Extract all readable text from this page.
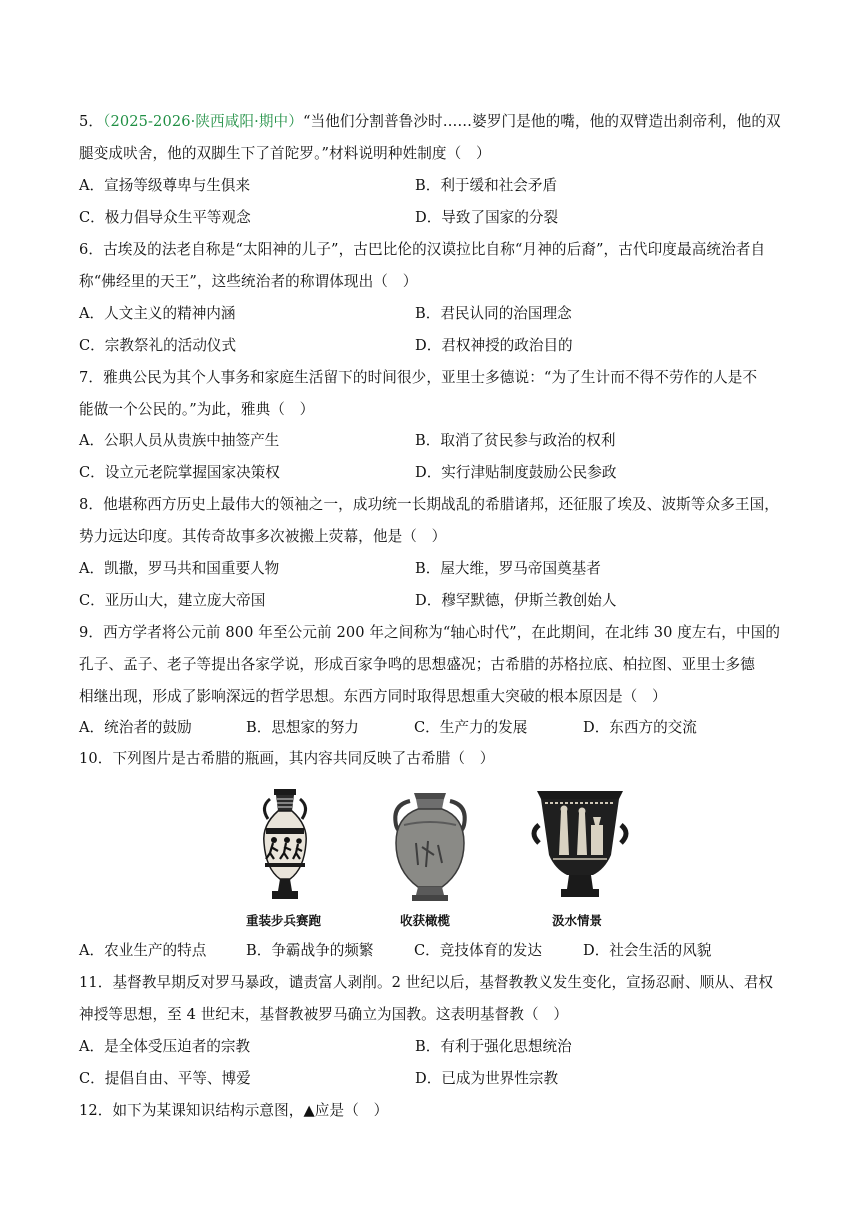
5．（2025-2026·陕西咸阳·期中）“当他们分割普鲁沙时……婆罗门是他的嘴，他的双臂造出刹帝利，他的双
腿变成吠舍，他的双脚生下了首陀罗。”材料说明种姓制度（　）
A．宣扬等级尊卑与生俱来	B．利于缓和社会矛盾
C．极力倡导众生平等观念	D．导致了国家的分裂
6．古埃及的法老自称是“太阳神的儿子”，古巴比伦的汉谟拉比自称“月神的后裔”，古代印度最高统治者自
称“佛经里的天王”，这些统治者的称谓体现出（　）
A．人文主义的精神内涵	B．君民认同的治国理念
C．宗教祭礼的活动仪式	D．君权神授的政治目的
7．雅典公民为其个人事务和家庭生活留下的时间很少，亚里士多德说：“为了生计而不得不劳作的人是不
能做一个公民的。”为此，雅典（　）
A．公职人员从贵族中抽签产生	B．取消了贫民参与政治的权利
C．设立元老院掌握国家决策权	D．实行津贴制度鼓励公民参政
8．他堪称西方历史上最伟大的领袖之一，成功统一长期战乱的希腊诸邦，还征服了埃及、波斯等众多王国，
势力远达印度。其传奇故事多次被搬上荧幕，他是（　）
A．凯撒，罗马共和国重要人物	B．屋大维，罗马帝国奠基者
C．亚历山大，建立庞大帝国	D．穆罕默德，伊斯兰教创始人
9．西方学者将公元前 800 年至公元前 200 年之间称为“轴心时代”，在此期间，在北纬 30 度左右，中国的
孔子、孟子、老子等提出各家学说，形成百家争鸣的思想盛况；古希腊的苏格拉底、柏拉图、亚里士多德
相继出现，形成了影响深远的哲学思想。东西方同时取得思想重大突破的根本原因是（　）
A．统治者的鼓励	B．思想家的努力	C．生产力的发展	D．东西方的交流
10．下列图片是古希腊的瓶画，其内容共同反映了古希腊（　）
重装步兵赛跑	收获橄榄	汲水情景
A．农业生产的特点	B．争霸战争的频繁	C．竞技体育的发达	D．社会生活的风貌
11．基督教早期反对罗马暴政，谴责富人剥削。2 世纪以后，基督教教义发生变化，宣扬忍耐、顺从、君权
神授等思想，至 4 世纪末，基督教被罗马确立为国教。这表明基督教（　）
A．是全体受压迫者的宗教	B．有利于强化思想统治
C．提倡自由、平等、博爱	D．已成为世界性宗教
12．如下为某课知识结构示意图，▲应是（　）
